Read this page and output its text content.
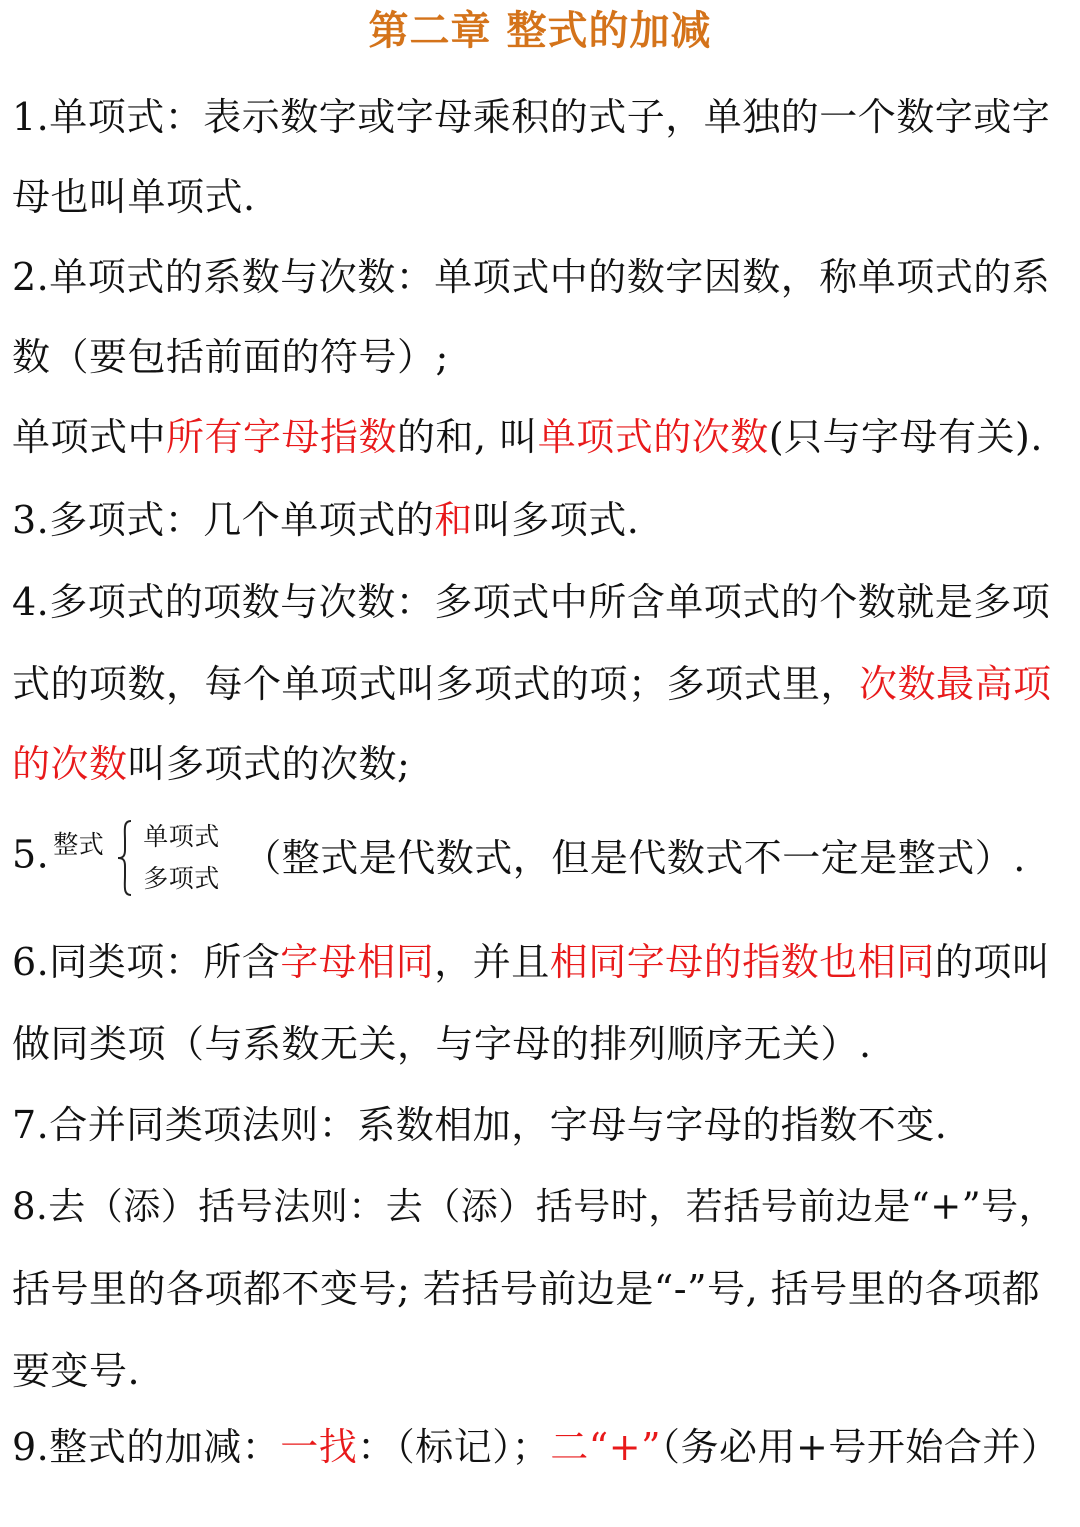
第二章 整式的加减
1.单项式：表示数字或字母乘积的式子，单独的一个数字或字
母也叫单项式.
2.单项式的系数与次数：单项式中的数字因数，称单项式的系
数（要包括前面的符号）;
单项式中所有字母指数的和, 叫单项式的次数(只与字母有关).
3.多项式：几个单项式的和叫多项式.
4.多项式的项数与次数：多项式中所含单项式的个数就是多项
式的项数，每个单项式叫多项式的项；多项式里，次数最高项
的次数叫多项式的次数;
5. 整式 单项式
多项式 （整式是代数式，但是代数式不一定是整式）.
6.同类项：所含字母相同，并且相同字母的指数也相同的项叫
做同类项（与系数无关，与字母的排列顺序无关）.
7.合并同类项法则：系数相加，字母与字母的指数不变.
8.去（添）括号法则：去（添）括号时，若括号前边是“+”号，
括号里的各项都不变号; 若括号前边是“-”号, 括号里的各项都
要变号.
9.整式的加减：一找：（标记）；二“+”（务必用+号开始合并）
